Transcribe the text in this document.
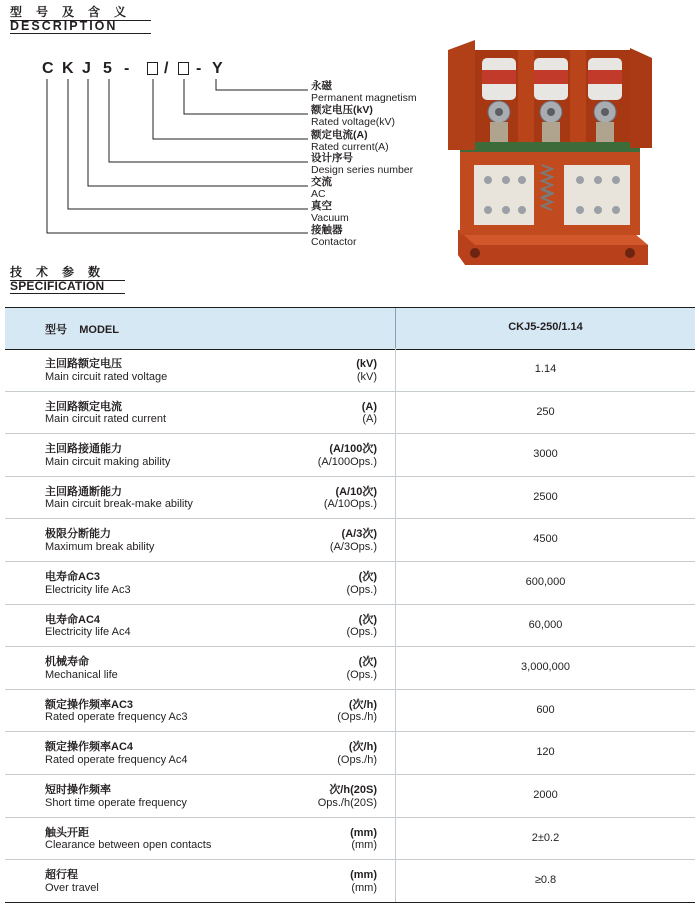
型号及含义
DESCRIPTION
C K J 5 - / - Y
永磁
Permanent magnetism
额定电压(kV)
Rated voltage(kV)
额定电流(A)
Rated current(A)
设计序号
Design series number
交流
AC
真空
Vacuum
接触器
Contactor
技术参数
SPECIFICATION
型号 MODEL	CKJ5-250/1.14
主回路额定电压
Main circuit rated voltage
(kV)
(kV)
1.14
主回路额定电流
Main circuit rated current
(A)
(A)
250
主回路接通能力
Main circuit making ability
(A/100次)
(A/100Ops.)
3000
主回路通断能力
Main circuit break-make ability
(A/10次)
(A/10Ops.)
2500
极限分断能力
Maximum break ability
(A/3次)
(A/3Ops.)
4500
电寿命AC3
Electricity life Ac3
(次)
(Ops.)
600,000
电寿命AC4
Electricity life Ac4
(次)
(Ops.)
60,000
机械寿命
Mechanical life
(次)
(Ops.)
3,000,000
额定操作频率AC3
Rated operate frequency Ac3
(次/h)
(Ops./h)
600
额定操作频率AC4
Rated operate frequency Ac4
(次/h)
(Ops./h)
120
短时操作频率
Short time operate frequency
次/h(20S)
Ops./h(20S)
2000
触头开距
Clearance between open contacts
(mm)
(mm)
2±0.2
超行程
Over travel
(mm)
(mm)
≥0.8
